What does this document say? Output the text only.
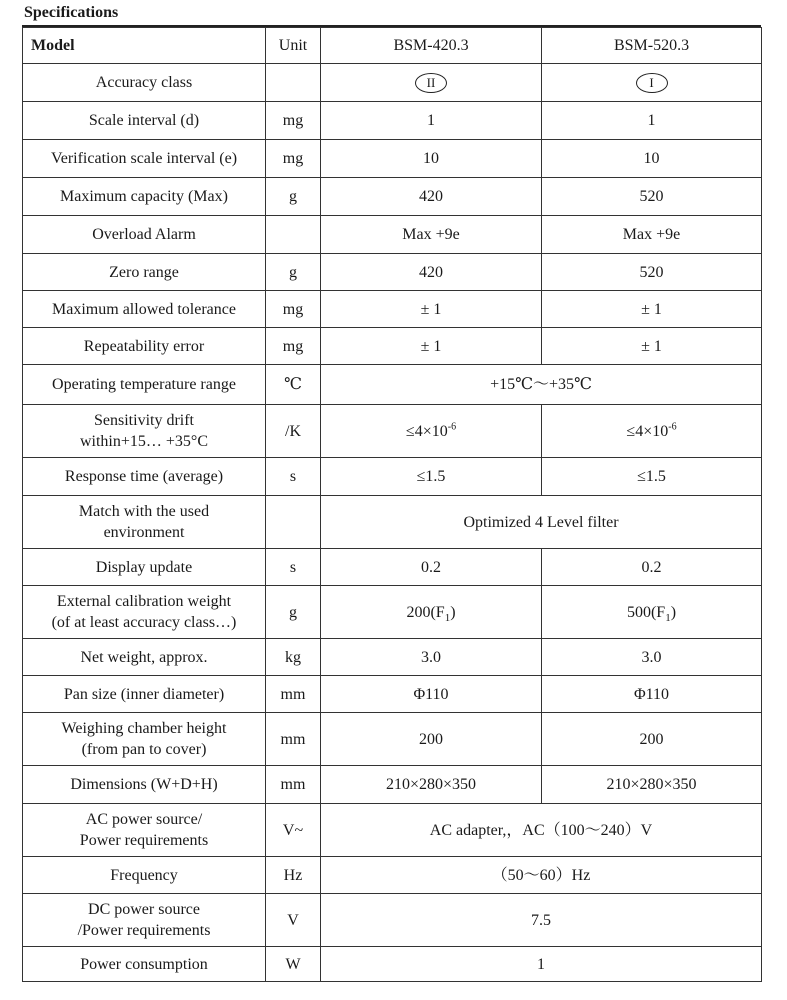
Specifications
Model	Unit	BSM-420.3	BSM-520.3
Accuracy class		II	I
Scale interval (d)	mg	1	1
Verification scale interval (e)	mg	10	10
Maximum capacity (Max)	g	420	520
Overload Alarm		Max +9e	Max +9e
Zero range	g	420	520
Maximum allowed tolerance	mg	± 1	± 1
Repeatability error	mg	± 1	± 1
Operating temperature range	℃	+15℃～+35℃	

Sensitivity drift
within+15… +35°C	/K	$\le 4\times 10^{-6}$	$\le 4\times 10^{-6}$
Response time (average)	s	≤1.5	≤1.5

Match with the used
environment		Optimized 4 Level filter	
Display update	s	0.2	0.2

External calibration weight
(of at least accuracy class…)	g	$200(F_1)$	$500(F_1)$
Net weight, approx.	kg	3.0	3.0
Pan size (inner diameter)	mm	Φ110	Φ110

Weighing chamber height
(from pan to cover)	mm	200	200
Dimensions (W+D+H)	mm	210×280×350	210×280×350

AC power source/
Power requirements	V~	AC adapter,，AC（100～240）V	
Frequency	Hz	（50～60）Hz	

DC power source
/Power requirements	V	7.5	
Power consumption	W	1	
